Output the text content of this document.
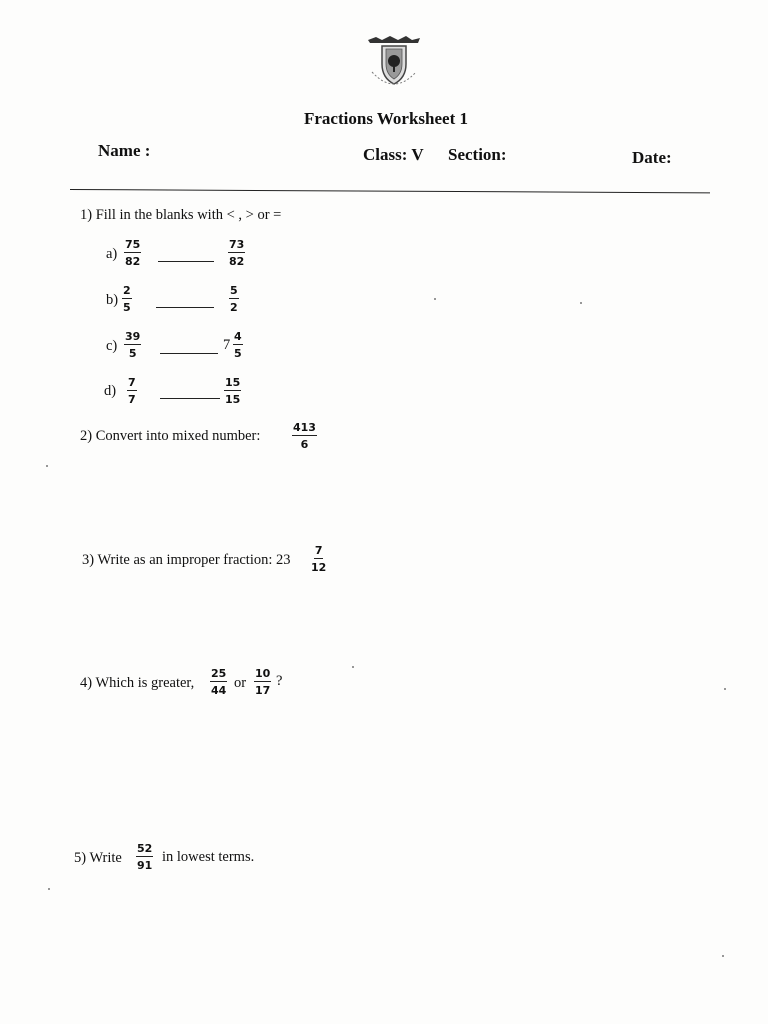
Fractions Worksheet 1
Name :	Class: V Section:	Date:
1) Fill in the blanks with < , > or =
$a) \frac{75}{82}$	$\frac{73}{82}$
$b) \frac{2}{5}$	$\frac{5}{2}$
$c) \frac{39}{5}$	$7 \frac{4}{5}$
$d) \frac{7}{7}$	$\frac{15}{15}$
2) Convert into mixed number:	$\frac{413}{6}$
3) Write as an improper fraction: $23 \frac{7}{12}$
4) Which is greater, $\frac{25}{44}$ or $\frac{10}{17}$ ?
5) Write $\frac{52}{91}$ in lowest terms.
